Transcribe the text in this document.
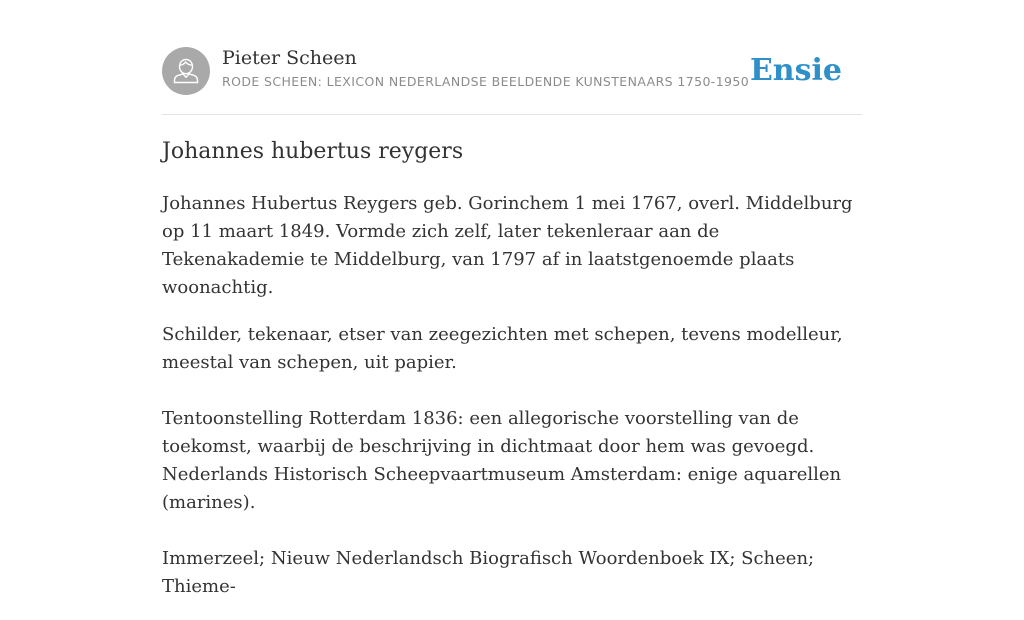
Pieter Scheen
RODE SCHEEN: LEXICON NEDERLANDSE BEELDENDE KUNSTENAARS 1750-1950 Ensie
Johannes hubertus reygers

Johannes Hubertus Reygers geb. Gorinchem 1 mei 1767, overl. Middelburg op 11 maart 1849. Vormde zich zelf, later tekenleraar aan de Tekenakademie te Middelburg, van 1797 af in laatstgenoemde plaats woonachtig.

Schilder, tekenaar, etser van zeegezichten met schepen, tevens modelleur, meestal van schepen, uit papier.

Tentoonstelling Rotterdam 1836: een allegorische voorstelling van de toekomst, waarbij de beschrijving in dichtmaat door hem was gevoegd. Nederlands Historisch Scheepvaartmuseum Amsterdam: enige aquarellen (marines).

Immerzeel; Nieuw Nederlandsch Biografisch Woordenboek IX; Scheen; Thieme-
